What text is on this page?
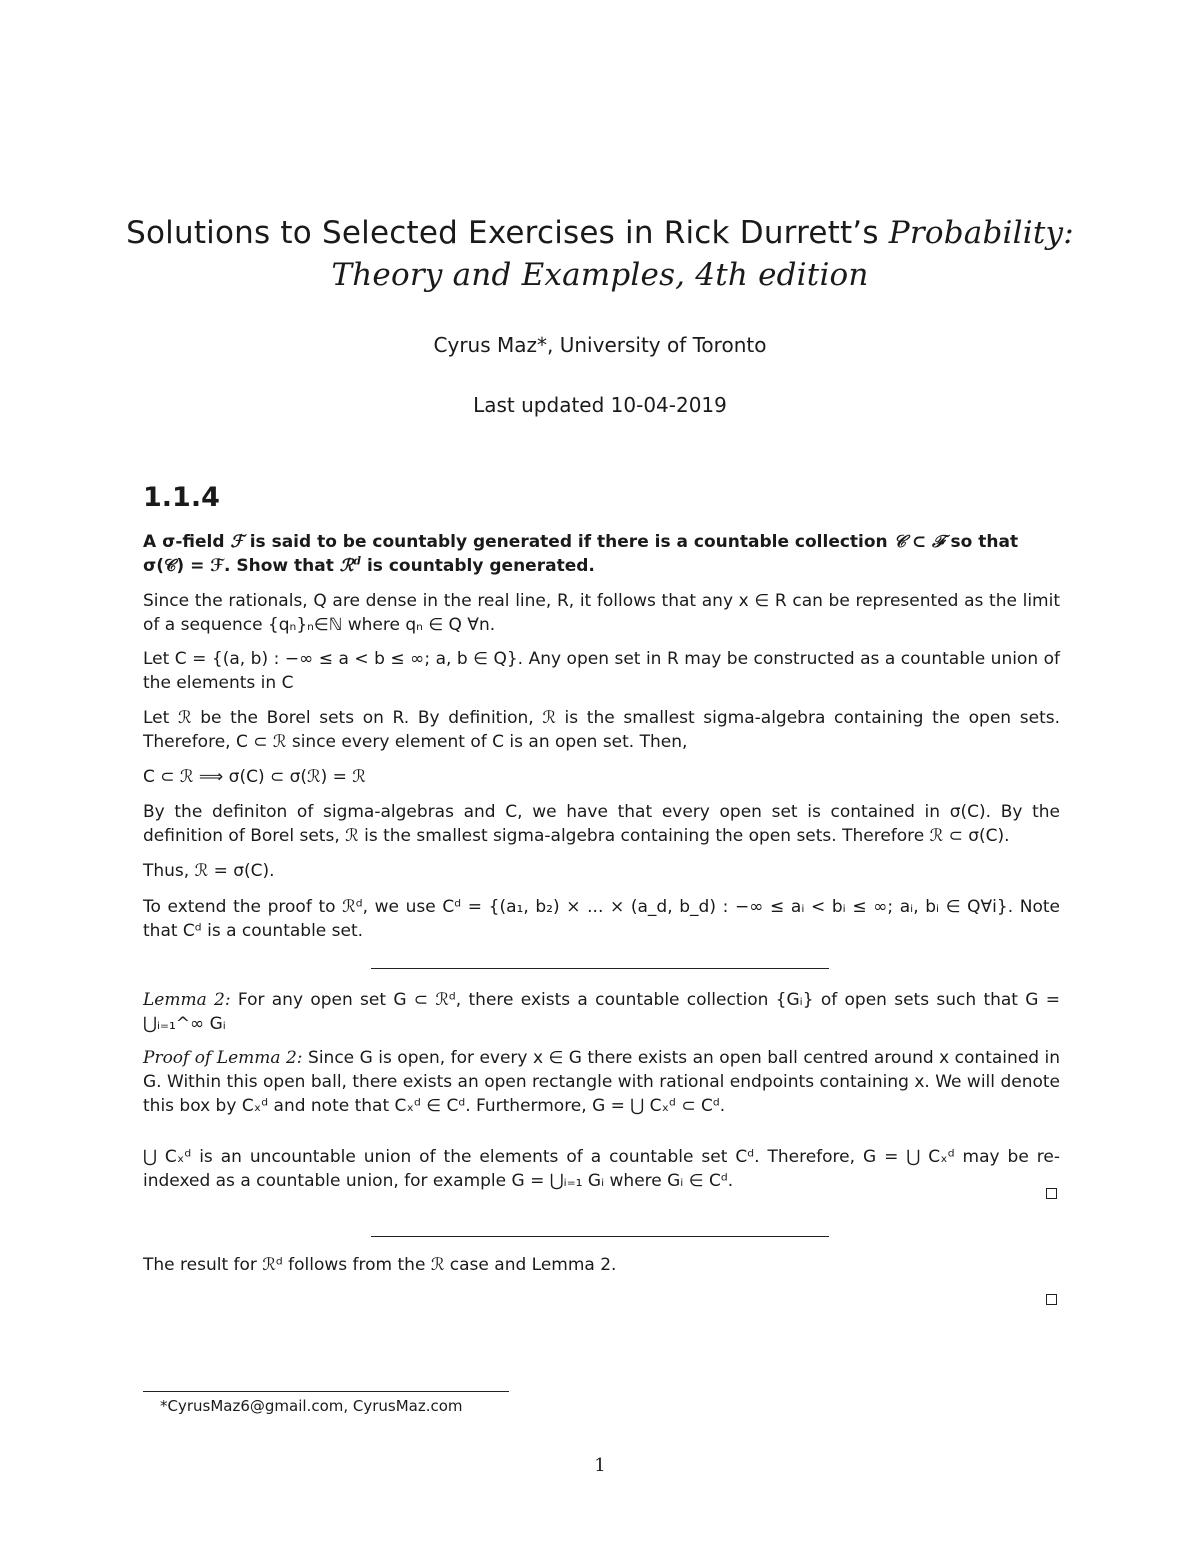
Solutions to Selected Exercises in Rick Durrett’s Probability:
Theory and Examples, 4th edition
Cyrus Maz*, University of Toronto
Last updated 10-04-2019
1.1.4
A σ-field ℱ is said to be countably generated if there is a countable collection 𝒞 ⊂ ℱ so that
σ(𝒞) = ℱ. Show that ℛ$^d$ is countably generated.
Since the rationals, Q are dense in the real line, R, it follows that any x ∈ R can be represented as the limit of a sequence {qₙ}ₙ∈ℕ where qₙ ∈ Q ∀n.
Let C = {(a, b) : −∞ ≤ a < b ≤ ∞; a, b ∈ Q}. Any open set in R may be constructed as a countable union of the elements in C
Let ℛ be the Borel sets on R. By definition, ℛ is the smallest sigma-algebra containing the open sets. Therefore, C ⊂ ℛ since every element of C is an open set. Then,
C ⊂ ℛ ⟹ σ(C) ⊂ σ(ℛ) = ℛ
By the definiton of sigma-algebras and C, we have that every open set is contained in σ(C). By the definition of Borel sets, ℛ is the smallest sigma-algebra containing the open sets. Therefore ℛ ⊂ σ(C).
Thus, ℛ = σ(C).
To extend the proof to ℛᵈ, we use Cᵈ = {(a₁, b₂) × ... × (a_d, b_d) : −∞ ≤ aᵢ < bᵢ ≤ ∞; aᵢ, bᵢ ∈ Q∀i}. Note that Cᵈ is a countable set.
Lemma 2: For any open set G ⊂ ℛᵈ, there exists a countable collection {Gᵢ} of open sets such that G = ⋃ᵢ₌₁^∞ Gᵢ
Proof of Lemma 2: Since G is open, for every x ∈ G there exists an open ball centred around x contained in G. Within this open ball, there exists an open rectangle with rational endpoints containing x. We will denote this box by Cₓᵈ and note that Cₓᵈ ∈ Cᵈ. Furthermore, G = ⋃ Cₓᵈ ⊂ Cᵈ.
⋃ Cₓᵈ is an uncountable union of the elements of a countable set Cᵈ. Therefore, G = ⋃ Cₓᵈ may be re-indexed as a countable union, for example G = ⋃ᵢ₌₁ Gᵢ where Gᵢ ∈ Cᵈ.
The result for ℛᵈ follows from the ℛ case and Lemma 2.
*CyrusMaz6@gmail.com, CyrusMaz.com
1
